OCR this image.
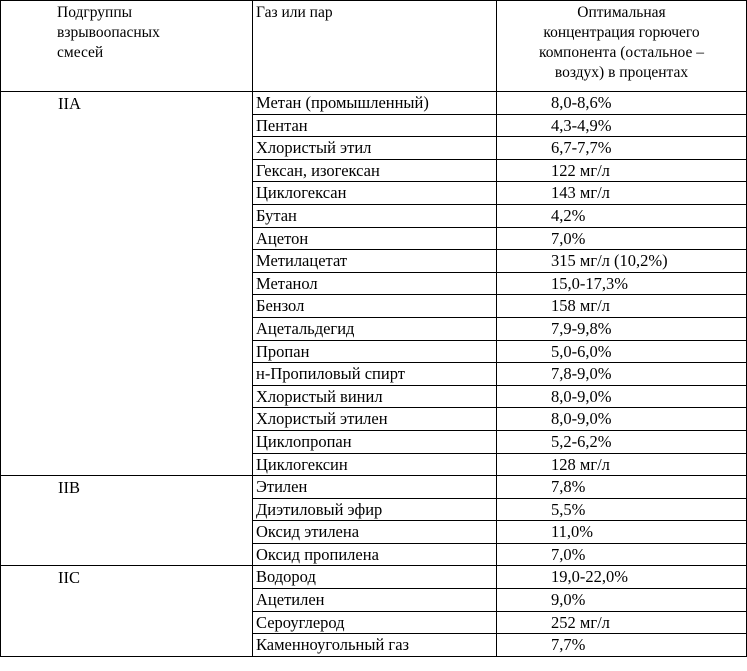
Подгруппы
взрывоопасных
смесей	Газ или пар	Оптимальная
концентрация горючего
компонента (остальное –
воздух) в процентах

IIA	Метан (промышленный)	8,0-8,6%
	Пентан	4,3-4,9%
	Хлористый этил	6,7-7,7%
	Гексан, изогексан	122 мг/л
	Циклогексан	143 мг/л
	Бутан	4,2%
	Ацетон	7,0%
	Метилацетат	315 мг/л (10,2%)
	Метанол	15,0-17,3%
	Бензол	158 мг/л
	Ацетальдегид	7,9-9,8%
	Пропан	5,0-6,0%
	н-Пропиловый спирт	7,8-9,0%
	Хлористый винил	8,0-9,0%
	Хлористый этилен	8,0-9,0%
	Циклопропан	5,2-6,2%
	Циклогексин	128 мг/л
IIB	Этилен	7,8%
	Диэтиловый эфир	5,5%
	Оксид этилена	11,0%
	Оксид пропилена	7,0%
IIC	Водород	19,0-22,0%
	Ацетилен	9,0%
	Сероуглерод	252 мг/л
	Каменноугольный газ	7,7%
